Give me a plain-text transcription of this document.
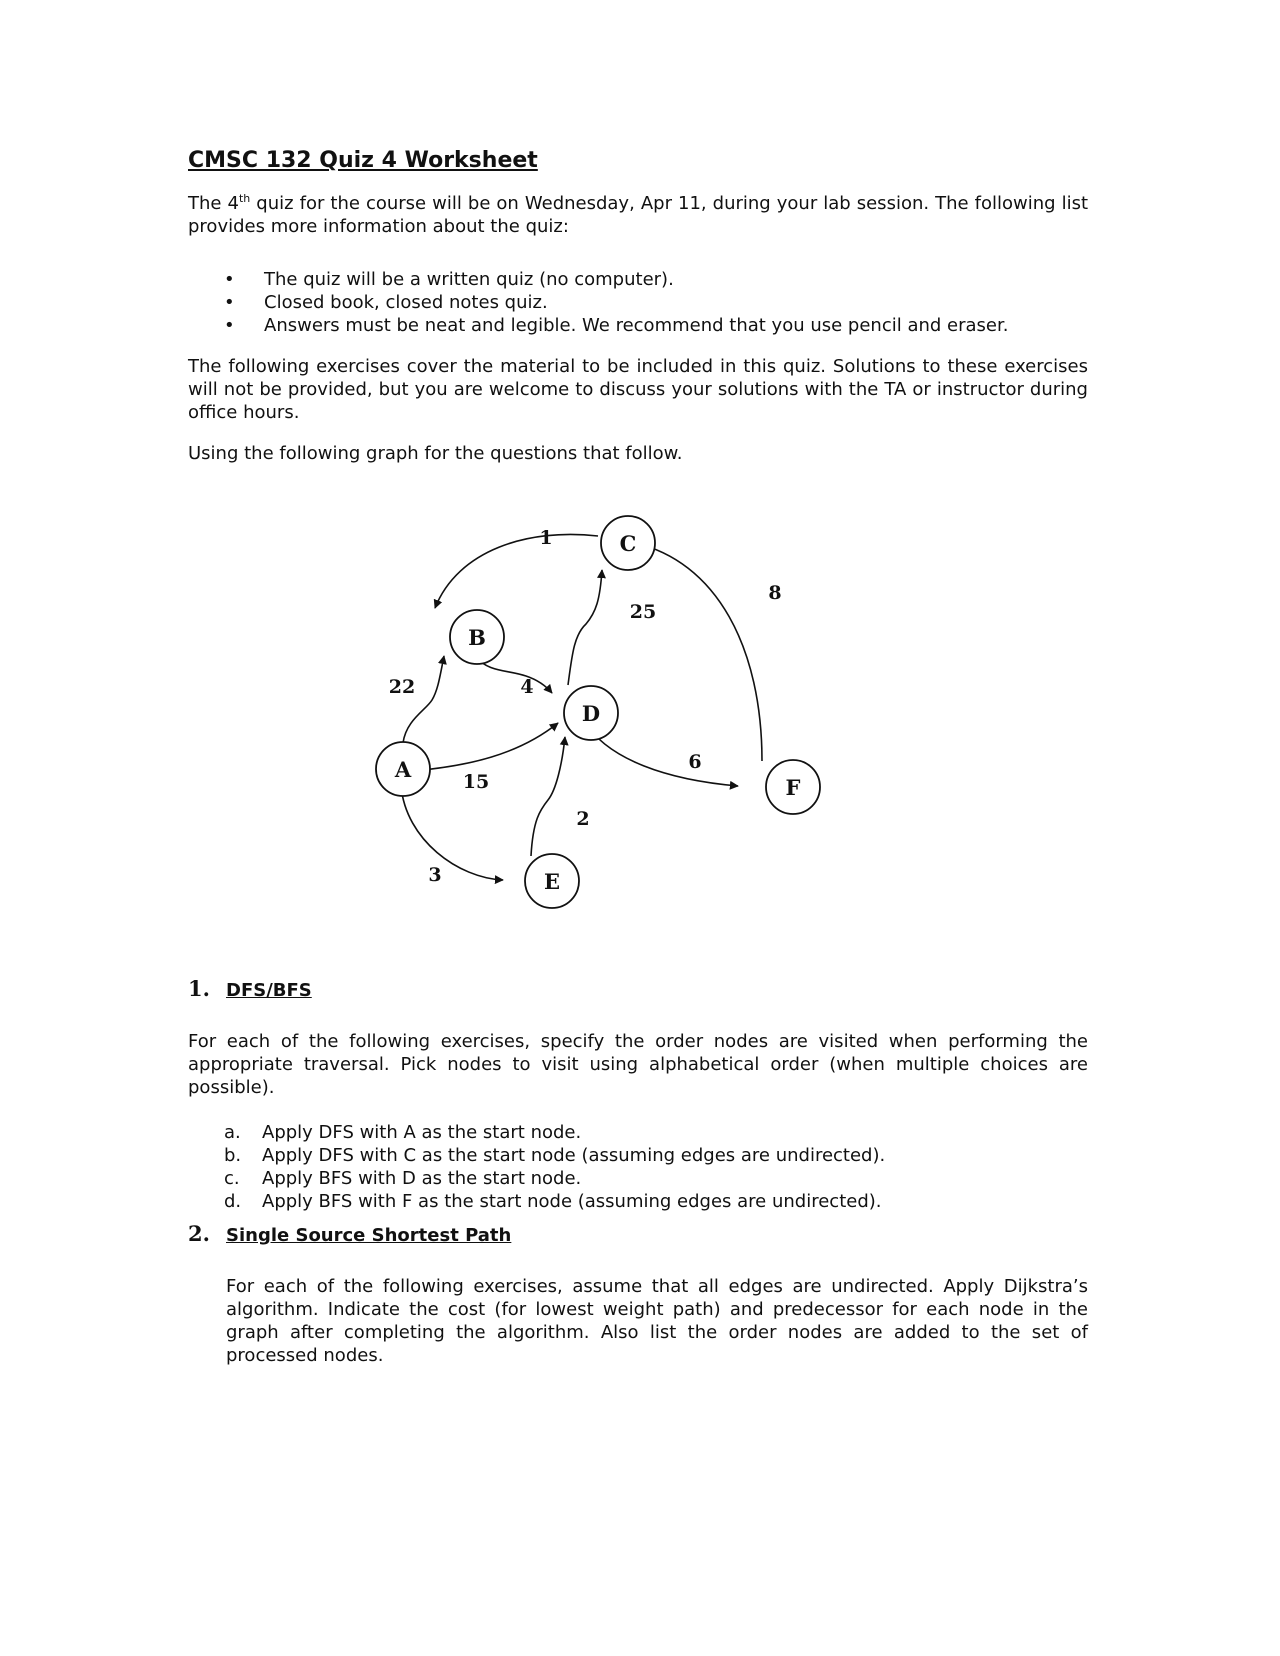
CMSC 132 Quiz 4 Worksheet

The 4th quiz for the course will be on Wednesday, Apr 11, during your lab session. The following list provides more information about the quiz:

• The quiz will be a written quiz (no computer).
• Closed book, closed notes quiz.
• Answers must be neat and legible. We recommend that you use pencil and eraser.

The following exercises cover the material to be included in this quiz. Solutions to these exercises will not be provided, but you are welcome to discuss your solutions with the TA or instructor during office hours.

Using the following graph for the questions that follow.

A
B
C
D
E
F
22
15
3
4
1
25
6
2
8
1. DFS/BFS

For each of the following exercises, specify the order nodes are visited when performing the appropriate traversal. Pick nodes to visit using alphabetical order (when multiple choices are possible).

a. Apply DFS with A as the start node.
b. Apply DFS with C as the start node (assuming edges are undirected).
c. Apply BFS with D as the start node.
d. Apply BFS with F as the start node (assuming edges are undirected).
2. Single Source Shortest Path

For each of the following exercises, assume that all edges are undirected. Apply Dijkstra’s algorithm. Indicate the cost (for lowest weight path) and predecessor for each node in the graph after completing the algorithm. Also list the order nodes are added to the set of processed nodes.
